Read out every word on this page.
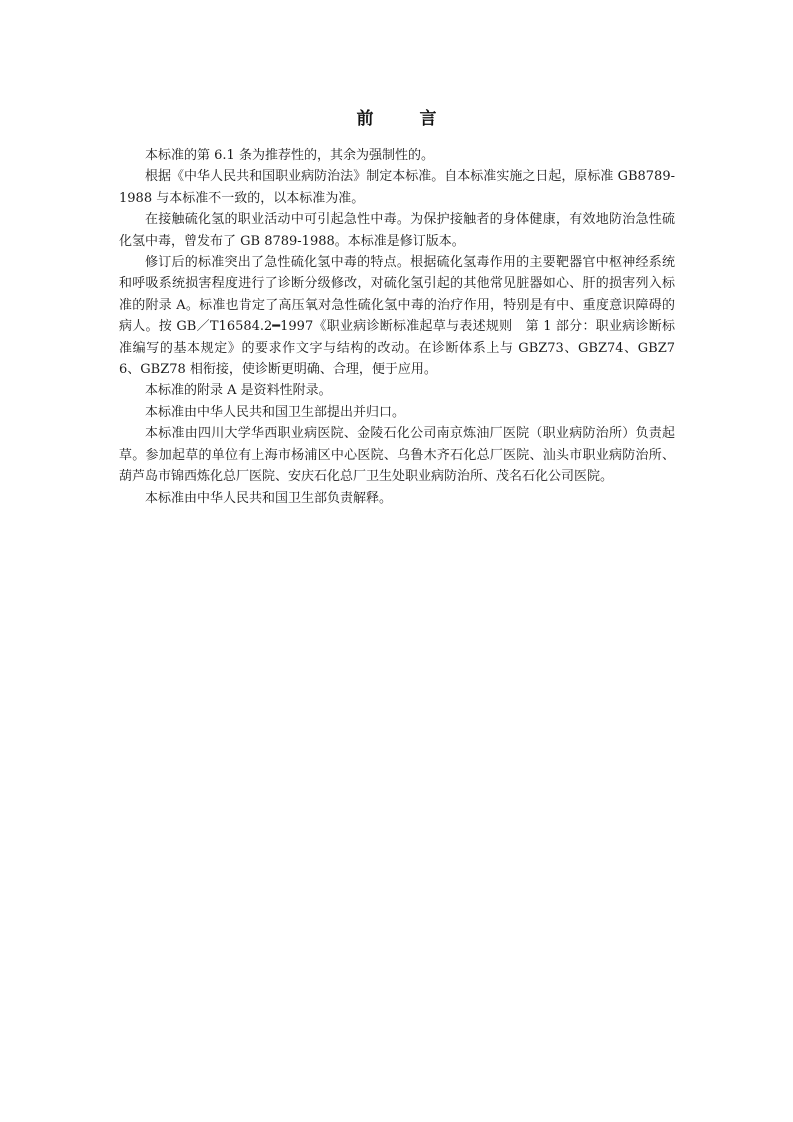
前 言

本标准的第 6.1 条为推荐性的，其余为强制性的。

根据《中华人民共和国职业病防治法》制定本标准。自本标准实施之日起，原标准 GB8789-1988 与本标准不一致的，以本标准为准。

在接触硫化氢的职业活动中可引起急性中毒。为保护接触者的身体健康，有效地防治急性硫化氢中毒，曾发布了 GB 8789-1988。本标准是修订版本。

修订后的标准突出了急性硫化氢中毒的特点。根据硫化氢毒作用的主要靶器官中枢神经系统和呼吸系统损害程度进行了诊断分级修改，对硫化氢引起的其他常见脏器如心、肝的损害列入标准的附录 A。标准也肯定了高压氧对急性硫化氢中毒的治疗作用，特别是有中、重度意识障碍的病人。按 GB／T16584.2━1997《职业病诊断标准起草与表述规则　第 1 部分：职业病诊断标准编写的基本规定》的要求作文字与结构的改动。在诊断体系上与 GBZ73、GBZ74、GBZ76、GBZ78 相衔接，使诊断更明确、合理，便于应用。

本标准的附录 A 是资料性附录。

本标准由中华人民共和国卫生部提出并归口。

本标准由四川大学华西职业病医院、金陵石化公司南京炼油厂医院（职业病防治所）负责起草。参加起草的单位有上海市杨浦区中心医院、乌鲁木齐石化总厂医院、汕头市职业病防治所、葫芦岛市锦西炼化总厂医院、安庆石化总厂卫生处职业病防治所、茂名石化公司医院。

本标准由中华人民共和国卫生部负责解释。
